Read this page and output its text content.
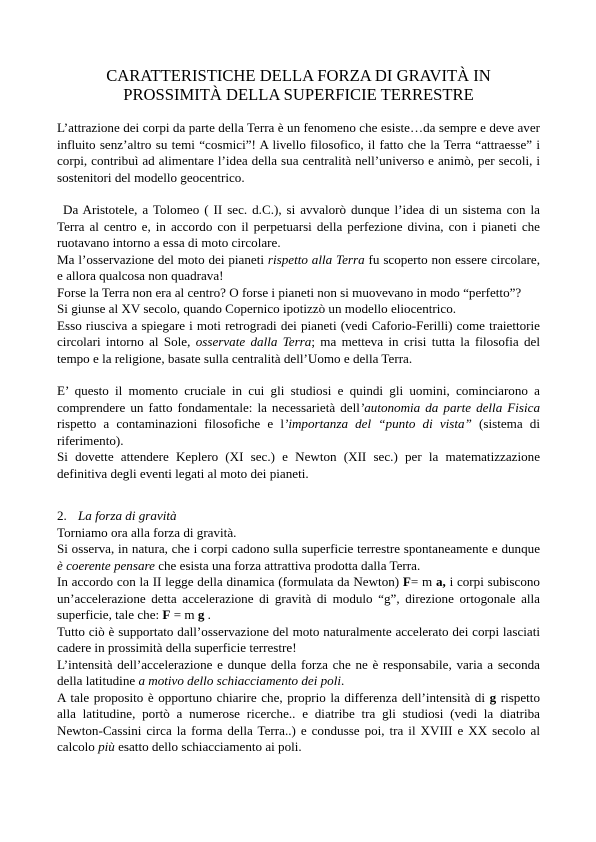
CARATTERISTICHE DELLA FORZA DI GRAVITÀ IN
PROSSIMITÀ DELLA SUPERFICIE TERRESTRE

L’attrazione dei corpi da parte della Terra è un fenomeno che esiste…da sempre e deve aver influito senz’altro su temi “cosmici”! A livello filosofico, il fatto che la Terra “attraesse” i corpi, contribuì ad alimentare l’idea della sua centralità nell’universo e animò, per secoli, i sostenitori del modello geocentrico.

Da Aristotele, a Tolomeo ( II sec. d.C.), si avvalorò dunque l’idea di un sistema con la Terra al centro e, in accordo con il perpetuarsi della perfezione divina, con i pianeti che ruotavano intorno a essa di moto circolare.

Ma l’osservazione del moto dei pianeti rispetto alla Terra fu scoperto non essere circolare, e allora qualcosa non quadrava!

Forse la Terra non era al centro? O forse i pianeti non si muovevano in modo “perfetto”?

Si giunse al XV secolo, quando Copernico ipotizzò un modello eliocentrico.

Esso riusciva a spiegare i moti retrogradi dei pianeti (vedi Caforio-Ferilli) come traiettorie circolari intorno al Sole, osservate dalla Terra; ma metteva in crisi tutta la filosofia del tempo e la religione, basate sulla centralità dell’Uomo e della Terra.

E’ questo il momento cruciale in cui gli studiosi e quindi gli uomini, cominciarono a comprendere un fatto fondamentale: la necessarietà dell’autonomia da parte della Fisica rispetto a contaminazioni filosofiche e l’importanza del “punto di vista” (sistema di riferimento).

Si dovette attendere Keplero (XI sec.) e Newton (XII sec.) per la matematizzazione definitiva degli eventi legati al moto dei pianeti.

2. La forza di gravità

Torniamo ora alla forza di gravità.

Si osserva, in natura, che i corpi cadono sulla superficie terrestre spontaneamente e dunque è coerente pensare che esista una forza attrattiva prodotta dalla Terra.

In accordo con la II legge della dinamica (formulata da Newton) F= m a, i corpi subiscono un’accelerazione detta accelerazione di gravità di modulo “g”, direzione ortogonale alla superficie, tale che: F = m g .

Tutto ciò è supportato dall’osservazione del moto naturalmente accelerato dei corpi lasciati cadere in prossimità della superficie terrestre!

L’intensità dell’accelerazione e dunque della forza che ne è responsabile, varia a seconda della latitudine a motivo dello schiacciamento dei poli.

A tale proposito è opportuno chiarire che, proprio la differenza dell’intensità di g rispetto alla latitudine, portò a numerose ricerche.. e diatribe tra gli studiosi (vedi la diatriba Newton-Cassini circa la forma della Terra..) e condusse poi, tra il XVIII e XX secolo al calcolo più esatto dello schiacciamento ai poli.
